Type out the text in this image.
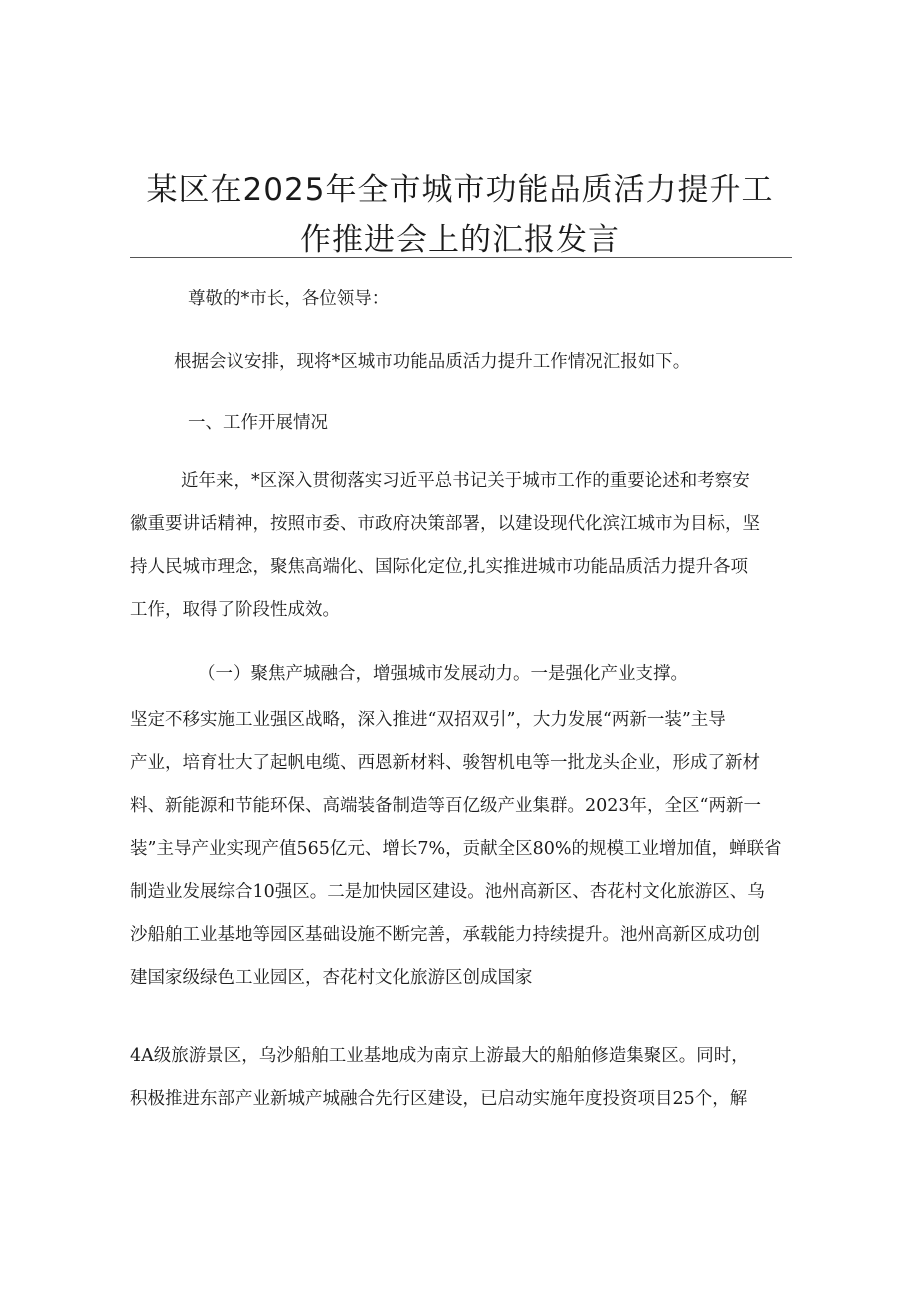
某区在2025年全市城市功能品质活力提升工
作推进会上的汇报发言
尊敬的*市长，各位领导：
根据会议安排，现将*区城市功能品质活力提升工作情况汇报如下。
一、工作开展情况
近年来，*区深入贯彻落实习近平总书记关于城市工作的重要论述和考察安
徽重要讲话精神，按照市委、市政府决策部署，以建设现代化滨江城市为目标，坚
持人民城市理念，聚焦高端化、国际化定位,扎实推进城市功能品质活力提升各项
工作，取得了阶段性成效。
（一）聚焦产城融合，增强城市发展动力。一是强化产业支撑。
坚定不移实施工业强区战略，深入推进“双招双引”，大力发展“两新一装”主导
产业，培育壮大了起帆电缆、西恩新材料、骏智机电等一批龙头企业，形成了新材
料、新能源和节能环保、高端装备制造等百亿级产业集群。2023年，全区“两新一
装”主导产业实现产值565亿元、增长7%，贡献全区80%的规模工业增加值，蝉联省
制造业发展综合10强区。二是加快园区建设。池州高新区、杏花村文化旅游区、乌
沙船舶工业基地等园区基础设施不断完善，承载能力持续提升。池州高新区成功创
建国家级绿色工业园区，杏花村文化旅游区创成国家
4A级旅游景区，乌沙船舶工业基地成为南京上游最大的船舶修造集聚区。同时，
积极推进东部产业新城产城融合先行区建设，已启动实施年度投资项目25个，解
